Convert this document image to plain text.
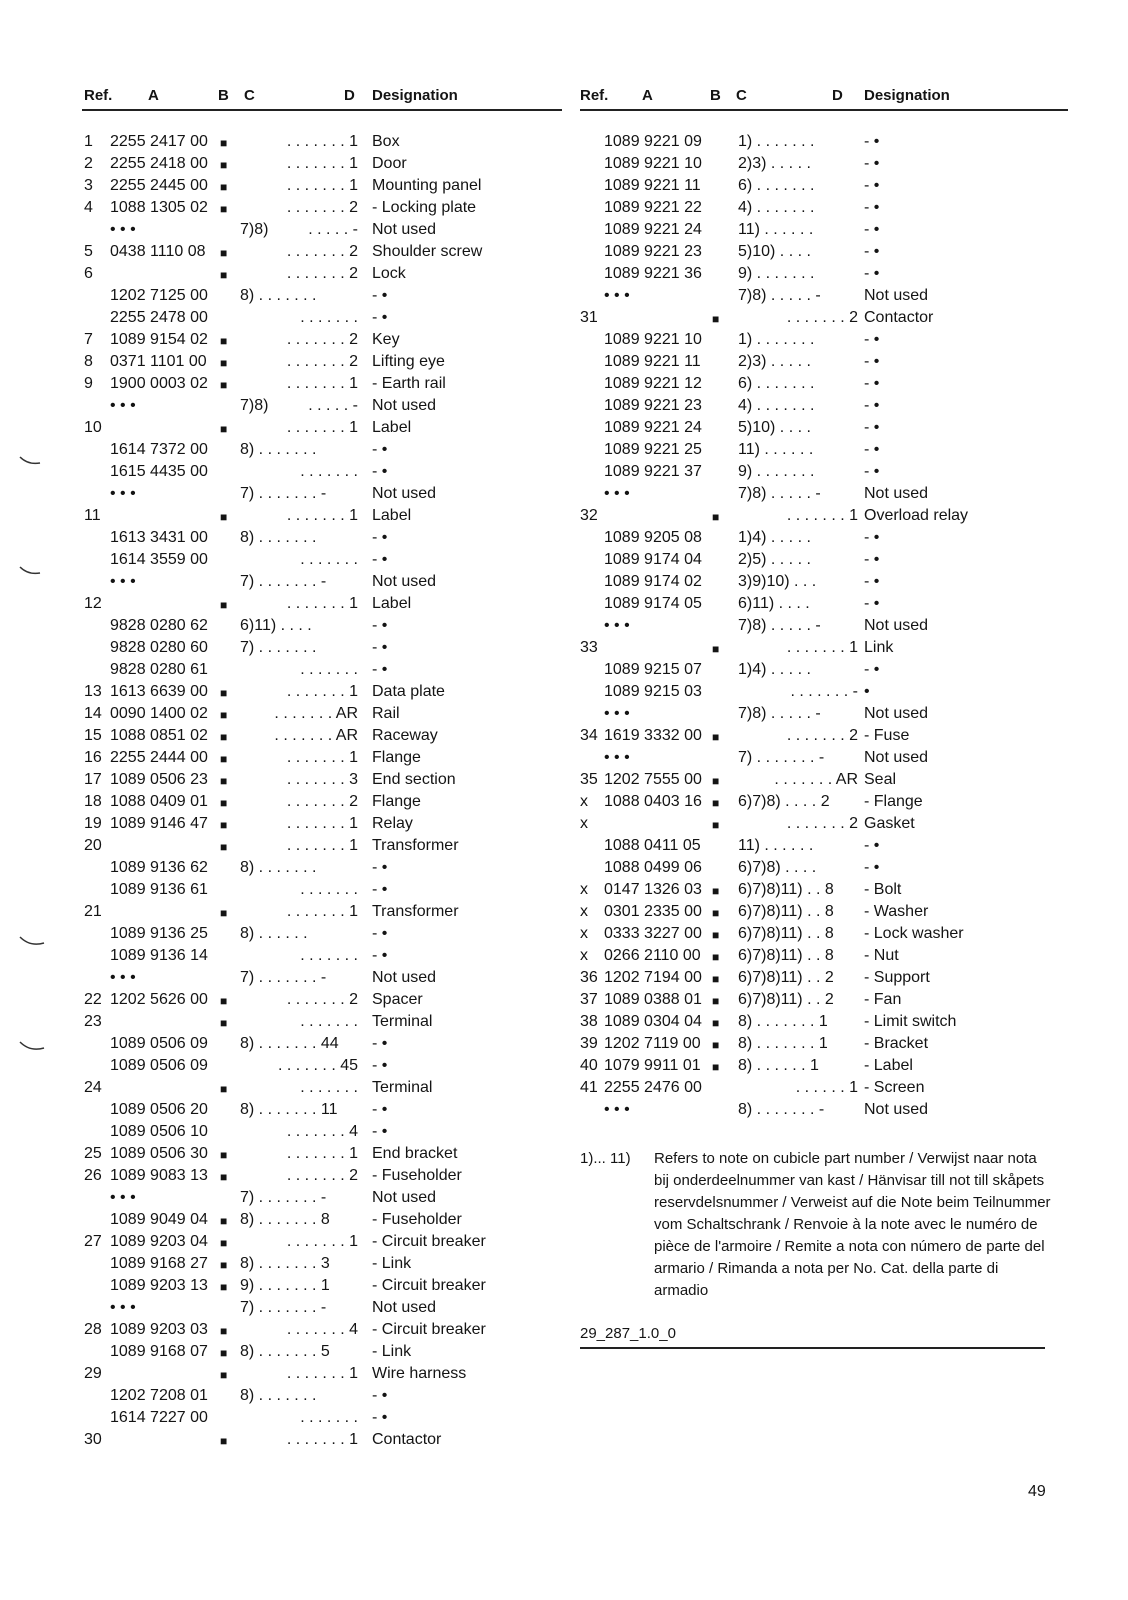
Ref. A	B C	D Designation
1 2255 2417 00 ■	. . . . . . . 1 Box
2 2255 2418 00 ■	. . . . . . . 1 Door
3 2255 2445 00 ■	. . . . . . . 1 Mounting panel
4 1088 1305 02 ■	. . . . . . . 2 - Locking plate
• • •	7)8)	. . . . . - Not used
5 0438 1110 08 ■	. . . . . . . 2 Shoulder screw
6	■	. . . . . . . 2 Lock
1202 7125 00 8) . . . . . . .	- •
2255 2478 00	. . . . . . . - •
7 1089 9154 02 ■	. . . . . . . 2 Key
8 0371 1101 00 ■	. . . . . . . 2 Lifting eye
9 1900 0003 02 ■	. . . . . . . 1 - Earth rail
• • •	7)8)	. . . . . - Not used
10	■	. . . . . . . 1 Label
1614 7372 00 8) . . . . . . .	- •
1615 4435 00	. . . . . . . - •
• • •	7) . . . . . . . -	Not used
11	■	. . . . . . . 1 Label
1613 3431 00 8) . . . . . . .	- •
1614 3559 00	. . . . . . . - •
• • •	7) . . . . . . . -	Not used
12	■	. . . . . . . 1 Label
9828 0280 62 6)11) . . . .	- •
9828 0280 60 7) . . . . . . .	- •
9828 0280 61	. . . . . . . - •
13 1613 6639 00 ■	. . . . . . . 1 Data plate
14 0090 1400 02 ■	. . . . . . . AR Rail
15 1088 0851 02 ■	. . . . . . . AR Raceway
16 2255 2444 00 ■	. . . . . . . 1 Flange
17 1089 0506 23 ■	. . . . . . . 3 End section
18 1088 0409 01 ■	. . . . . . . 2 Flange
19 1089 9146 47 ■	. . . . . . . 1 Relay
20	■	. . . . . . . 1 Transformer
1089 9136 62 8) . . . . . . .	- •
1089 9136 61	. . . . . . . - •
21	■	. . . . . . . 1 Transformer
1089 9136 25 8) . . . . . .	- •
1089 9136 14	. . . . . . . - •
• • •	7) . . . . . . . -	Not used
22 1202 5626 00 ■	. . . . . . . 2 Spacer
23	■	. . . . . . . Terminal
1089 0506 09 8) . . . . . . . 44 - •
1089 0506 09	. . . . . . . 45 - •
24	■	. . . . . . . Terminal
1089 0506 20 8) . . . . . . . 11 - •
1089 0506 10	. . . . . . . 4 - •
25 1089 0506 30 ■	. . . . . . . 1 End bracket
26 1089 9083 13 ■	. . . . . . . 2 - Fuseholder
• • •	7) . . . . . . . -	Not used
1089 9049 04 ■ 8) . . . . . . . 8	- Fuseholder
27 1089 9203 04 ■	. . . . . . . 1 - Circuit breaker
1089 9168 27 ■ 8) . . . . . . . 3	- Link
1089 9203 13 ■ 9) . . . . . . . 1	- Circuit breaker
• • •	7) . . . . . . . -	Not used
28 1089 9203 03 ■	. . . . . . . 4 - Circuit breaker
1089 9168 07 ■ 8) . . . . . . . 5	- Link
29	■	. . . . . . . 1 Wire harness
1202 7208 01 8) . . . . . . .	- •
1614 7227 00	. . . . . . . - •
30	■	. . . . . . . 1 Contactor
Ref. A	B C	D Designation
1089 9221 09 1) . . . . . . .	- •
1089 9221 10 2)3) . . . . .	- •
1089 9221 11 6) . . . . . . .	- •
1089 9221 22 4) . . . . . . .	- •
1089 9221 24 11) . . . . . .	- •
1089 9221 23 5)10) . . . .	- •
1089 9221 36 9) . . . . . . .	- •
• • •	7)8) . . . . . -	Not used
31	■	. . . . . . . 2 Contactor
1089 9221 10 1) . . . . . . .	- •
1089 9221 11 2)3) . . . . .	- •
1089 9221 12 6) . . . . . . .	- •
1089 9221 23 4) . . . . . . .	- •
1089 9221 24 5)10) . . . .	- •
1089 9221 25 11) . . . . . .	- •
1089 9221 37 9) . . . . . . .	- •
• • •	7)8) . . . . . -	Not used
32	■	. . . . . . . 1 Overload relay
1089 9205 08 1)4) . . . . .	- •
1089 9174 04 2)5) . . . . .	- •
1089 9174 02 3)9)10) . . .	- •
1089 9174 05 6)11) . . . .	- •
• • •	7)8) . . . . . -	Not used
33	■	. . . . . . . 1 Link
1089 9215 07 1)4) . . . . .	- •
1089 9215 03	. . . . . . . - •
• • •	7)8) . . . . . -	Not used
34 1619 3332 00 ■	. . . . . . . 2 - Fuse
• • •	7) . . . . . . . - Not used
35 1202 7555 00 ■	. . . . . . . AR Seal
x 1088 0403 16 ■ 6)7)8) . . . . 2 - Flange
x	■	. . . . . . . 2 Gasket
1088 0411 05 11) . . . . . .	- •
1088 0499 06 6)7)8) . . . .	- •
x 0147 1326 03 ■ 6)7)8)11) . . 8 - Bolt
x 0301 2335 00 ■ 6)7)8)11) . . 8 - Washer
x 0333 3227 00 ■ 6)7)8)11) . . 8 - Lock washer
x 0266 2110 00 ■ 6)7)8)11) . . 8 - Nut
36 1202 7194 00 ■ 6)7)8)11) . . 2 - Support
37 1089 0388 01 ■ 6)7)8)11) . . 2 - Fan
38 1089 0304 04 ■ 8) . . . . . . . 1 - Limit switch
39 1202 7119 00 ■ 8) . . . . . . . 1 - Bracket
40 1079 9911 01 ■ 8) . . . . . . 1	- Label
41 2255 2476 00	. . . . . . 1 - Screen
• • •	8) . . . . . . . - Not used
1)... 11) Refers to note on cubicle part number / Verwijst naar nota bij onderdeelnummer van kast / Hänvisar till not till skåpets reservdelsnummer / Verweist auf die Note beim Teilnummer vom Schaltschrank / Renvoie à la note avec le numéro de pièce de l'armoire / Remite a nota con número de parte del armario / Rimanda a nota per No. Cat. della parte di armadio
29_287_1.0_0
49
